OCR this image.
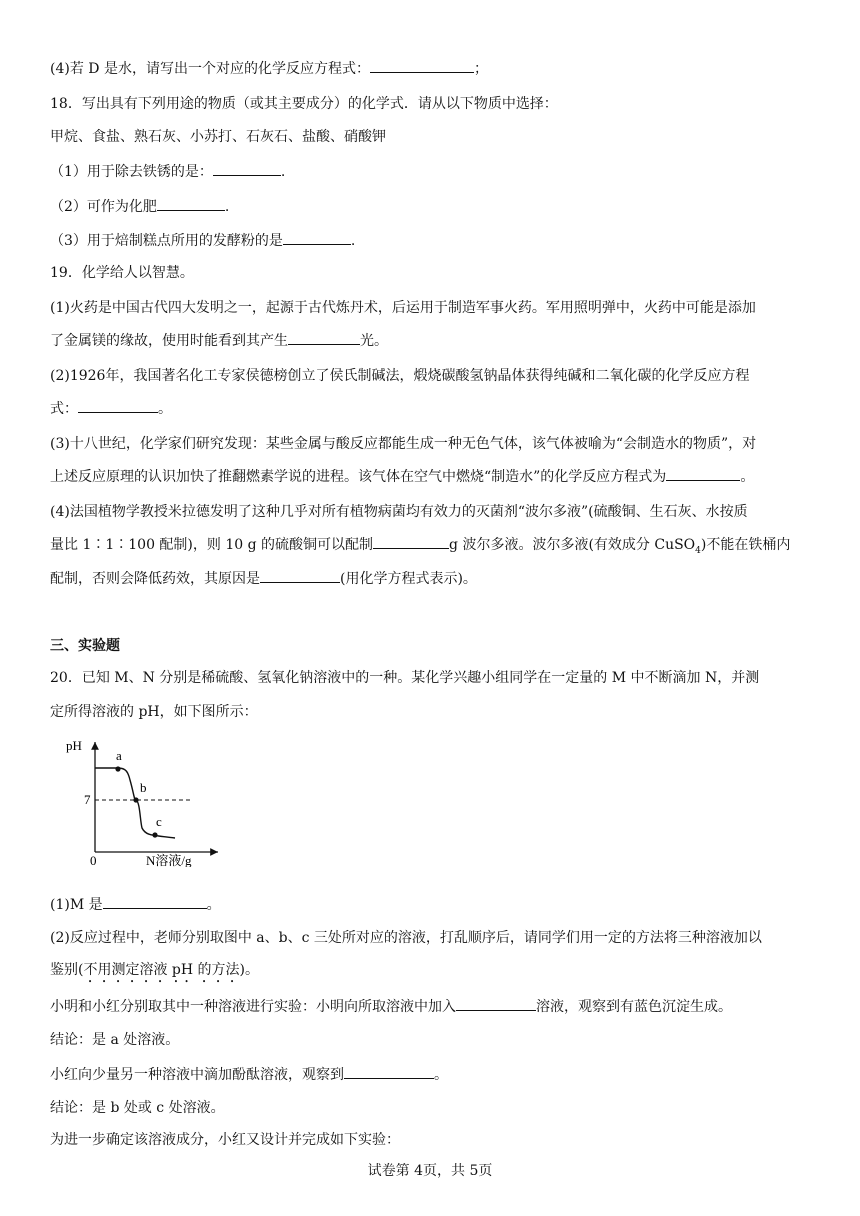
(4)若 D 是水，请写出一个对应的化学反应方程式：	；
18．写出具有下列用途的物质（或其主要成分）的化学式．请从以下物质中选择：
甲烷、食盐、熟石灰、小苏打、石灰石、盐酸、硝酸钾
（1）用于除去铁锈的是：	.
（2）可作为化肥	.
（3）用于焙制糕点所用的发酵粉的是	.
19．化学给人以智慧。
(1)火药是中国古代四大发明之一，起源于古代炼丹术，后运用于制造军事火药。军用照明弹中，火药中可能是添加
了金属镁的缘故，使用时能看到其产生	光。
(2)1926年，我国著名化工专家侯德榜创立了侯氏制碱法，煅烧碳酸氢钠晶体获得纯碱和二氧化碳的化学反应方程
式：	。
(3)十八世纪，化学家们研究发现：某些金属与酸反应都能生成一种无色气体，该气体被喻为“会制造水的物质”，对
上述反应原理的认识加快了推翻燃素学说的进程。该气体在空气中燃烧“制造水”的化学反应方程式为	。
(4)法国植物学教授米拉德发明了这种几乎对所有植物病菌均有效力的灭菌剂“波尔多液”(硫酸铜、生石灰、水按质
量比 1∶1∶100 配制)，则 10 g 的硫酸铜可以配制	g 波尔多液。波尔多液(有效成分 CuSO$_4$)不能在铁桶内
配制，否则会降低药效，其原因是	(用化学方程式表示)。
三、实验题
20．已知 M、N 分别是稀硫酸、氢氧化钠溶液中的一种。某化学兴趣小组同学在一定量的 M 中不断滴加 N，并测
定所得溶液的 pH，如下图所示：
pH
a
b
c
7
0	N溶液/g
(1)M 是	。
(2)反应过程中，老师分别取图中 a、b、c 三处所对应的溶液，打乱顺序后，请同学们用一定的方法将三种溶液加以
鉴别(不用测定溶液 pH 的方法)。
小明和小红分别取其中一种溶液进行实验：小明向所取溶液中加入	溶液，观察到有蓝色沉淀生成。
结论：是 a 处溶液。
小红向少量另一种溶液中滴加酚酞溶液，观察到	。
结论：是 b 处或 c 处溶液。
为进一步确定该溶液成分，小红又设计并完成如下实验：
试卷第 4页，共 5页
